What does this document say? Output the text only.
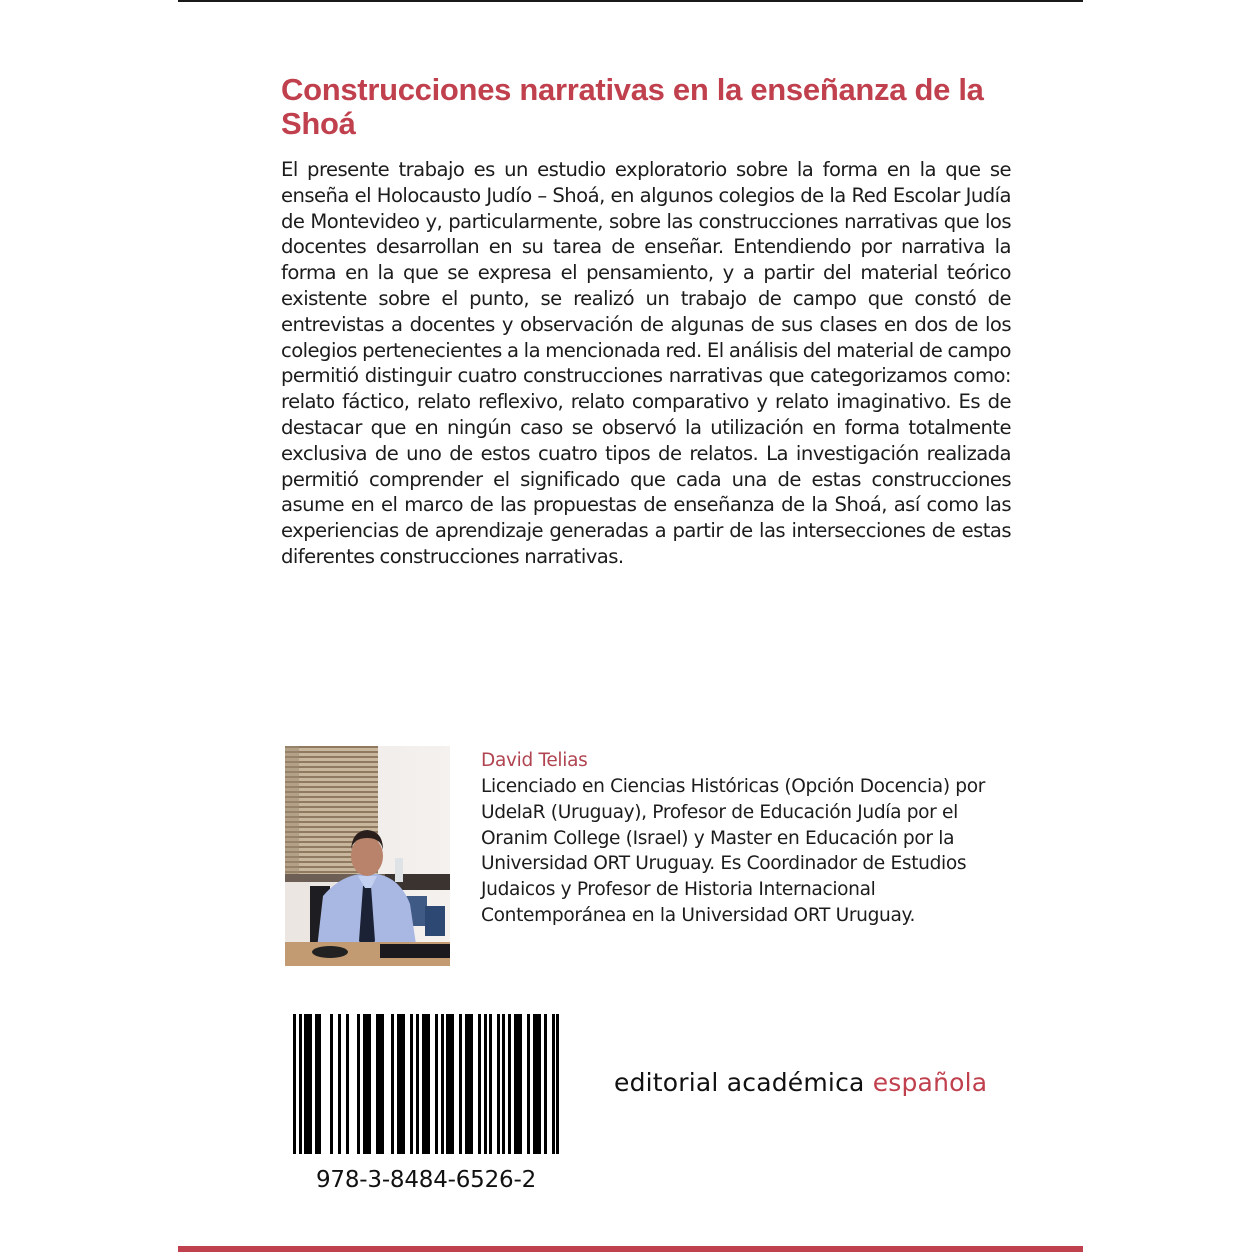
Construcciones narrativas en la enseñanza de la Shoá

El presente trabajo es un estudio exploratorio sobre la forma en la que se enseña el Holocausto Judío – Shoá, en algunos colegios de la Red Escolar Judía de Montevideo y, particularmente, sobre las construcciones narrativas que los docentes desarrollan en su tarea de enseñar. Entendiendo por narrativa la forma en la que se expresa el pensamiento, y a partir del material teórico existente sobre el punto, se realizó un trabajo de campo que constó de entrevistas a docentes y observación de algunas de sus clases en dos de los colegios pertenecientes a la mencionada red. El análisis del material de campo permitió distinguir cuatro construcciones narrativas que categorizamos como: relato fáctico, relato reflexivo, relato comparativo y relato imaginativo. Es de destacar que en ningún caso se observó la utilización en forma totalmente exclusiva de uno de estos cuatro tipos de relatos. La investigación realizada permitió comprender el significado que cada una de estas construcciones asume en el marco de las propuestas de enseñanza de la Shoá, así como las experiencias de aprendizaje generadas a partir de las intersecciones de estas diferentes construcciones narrativas.

David Telias

Licenciado en Ciencias Históricas (Opción Docencia) por UdelaR (Uruguay), Profesor de Educación Judía por el Oranim College (Israel) y Master en Educación por la Universidad ORT Uruguay. Es Coordinador de Estudios Judaicos y Profesor de Historia Internacional Contemporánea en la Universidad ORT Uruguay.

978-3-8484-6526-2

editorial académica española
